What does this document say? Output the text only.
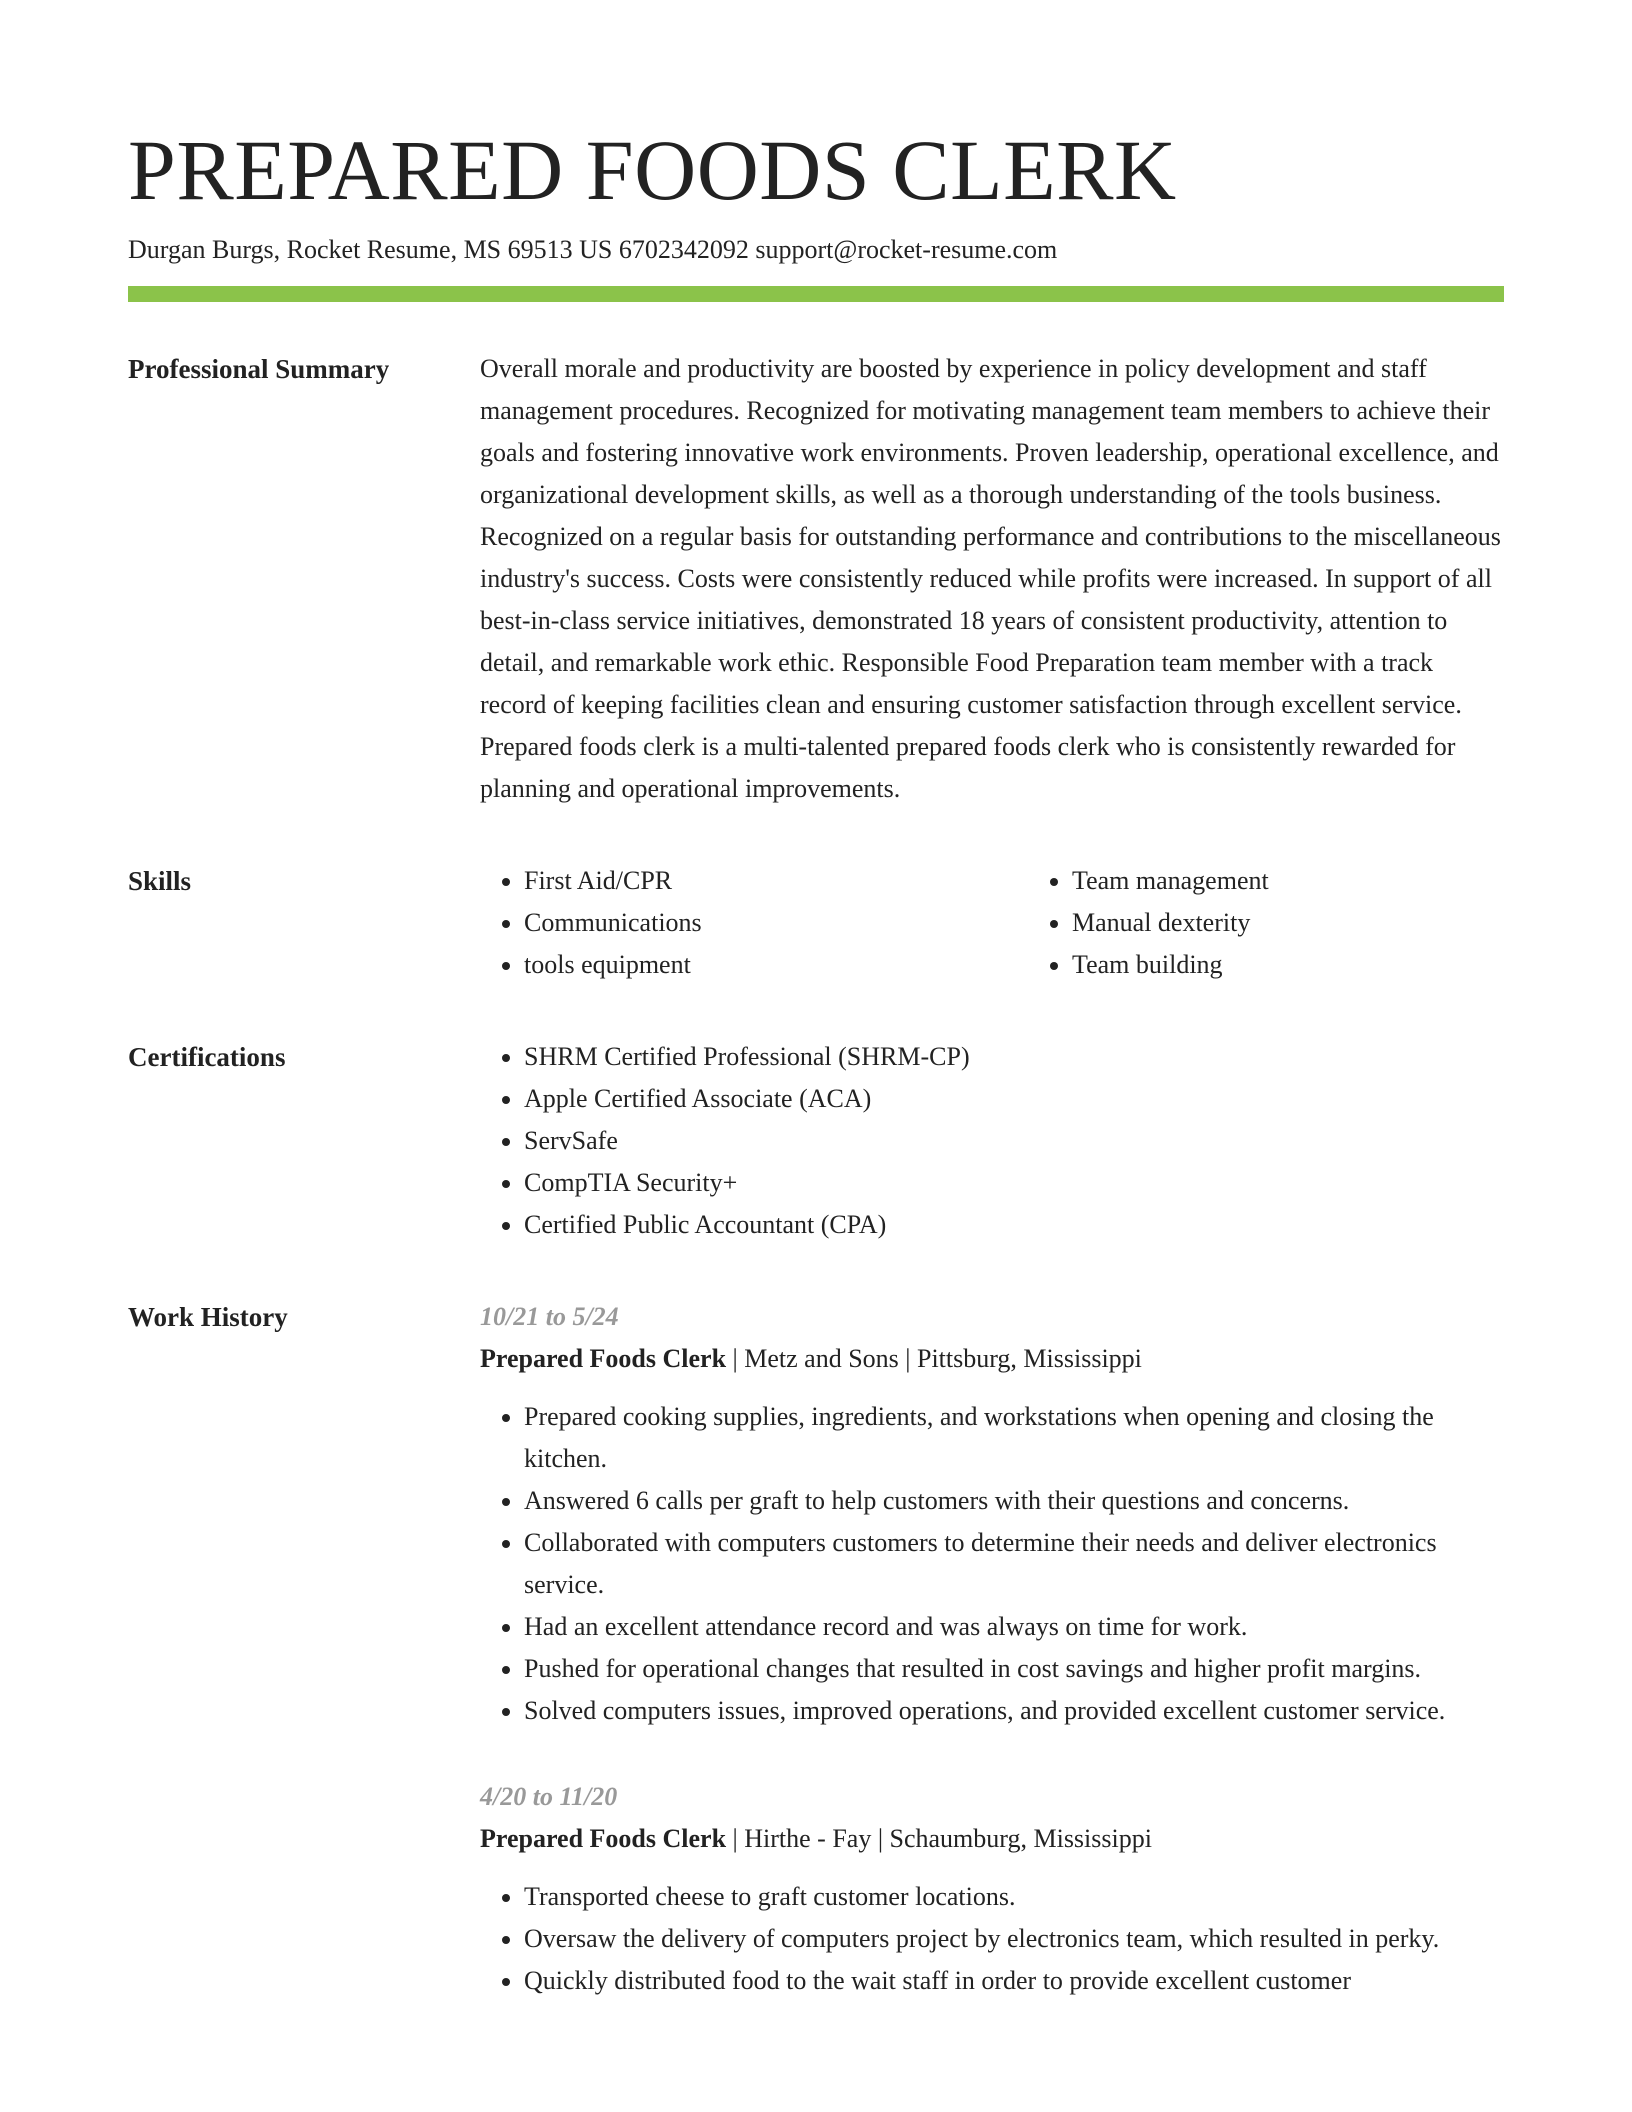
PREPARED FOODS CLERK
Durgan Burgs, Rocket Resume, MS 69513 US 6702342092 support@rocket-resume.com
Professional Summary	Overall morale and productivity are boosted by experience in policy development and staff management procedures. Recognized for motivating management team members to achieve their goals and fostering innovative work environments. Proven leadership, operational excellence, and organizational development skills, as well as a thorough understanding of the tools business. Recognized on a regular basis for outstanding performance and contributions to the miscellaneous industry's success. Costs were consistently reduced while profits were increased. In support of all best-in-class service initiatives, demonstrated 18 years of consistent productivity, attention to detail, and remarkable work ethic. Responsible Food Preparation team member with a track record of keeping facilities clean and ensuring customer satisfaction through excellent service. Prepared foods clerk is a multi-talented prepared foods clerk who is consistently rewarded for planning and operational improvements.

Skills	• First Aid/CPR
• Communications
• tools equipment
• Team management
• Manual dexterity
• Team building
Certifications	• SHRM Certified Professional (SHRM-CP)
• Apple Certified Associate (ACA)
• ServSafe
• CompTIA Security+
• Certified Public Accountant (CPA)
Work History	10/21 to 5/24
Prepared Foods Clerk | Metz and Sons | Pittsburg, Mississippi
• Prepared cooking supplies, ingredients, and workstations when opening and closing the kitchen.
• Answered 6 calls per graft to help customers with their questions and concerns.
• Collaborated with computers customers to determine their needs and deliver electronics service.
• Had an excellent attendance record and was always on time for work.
• Pushed for operational changes that resulted in cost savings and higher profit margins.
• Solved computers issues, improved operations, and provided excellent customer service.
4/20 to 11/20
Prepared Foods Clerk | Hirthe - Fay | Schaumburg, Mississippi
• Transported cheese to graft customer locations.
• Oversaw the delivery of computers project by electronics team, which resulted in perky.
• Quickly distributed food to the wait staff in order to provide excellent customer
